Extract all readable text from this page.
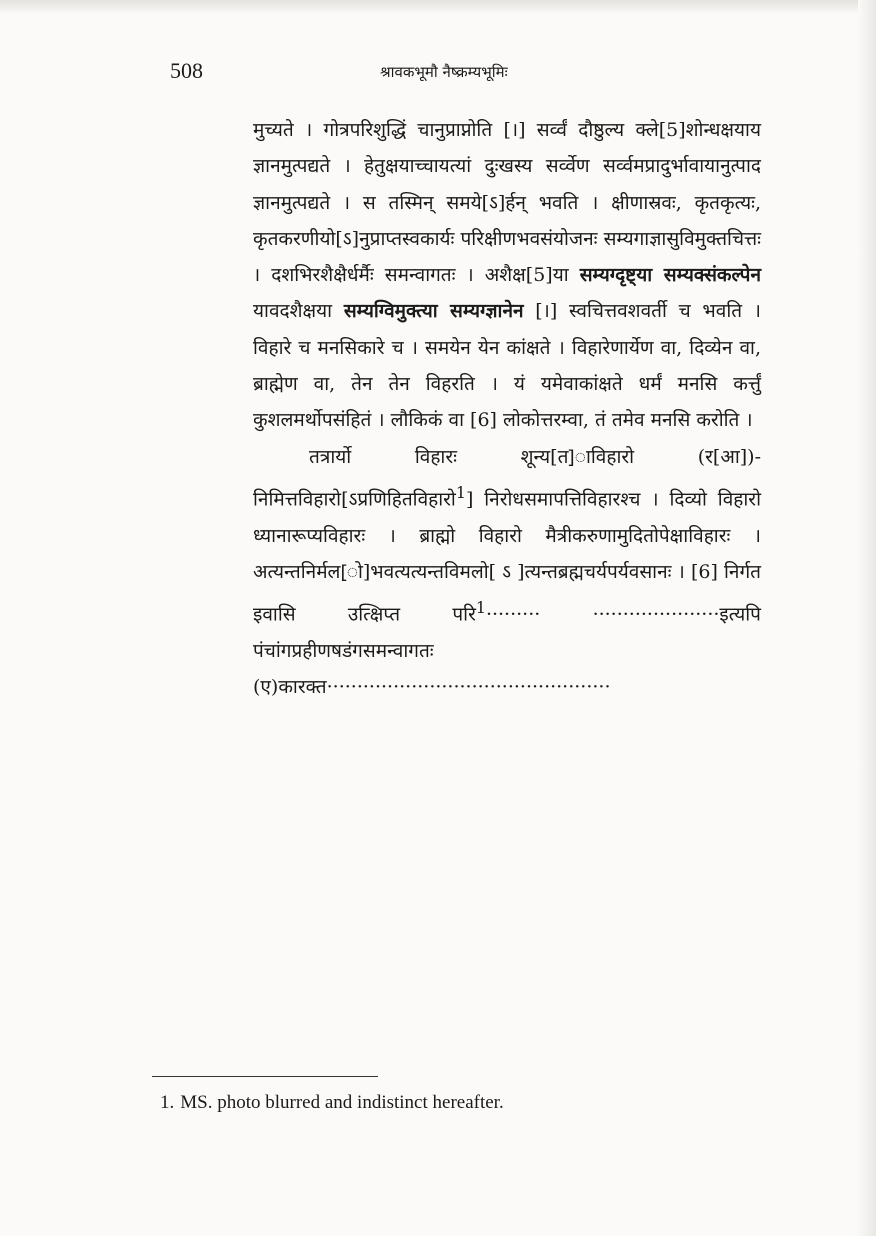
508	श्रावकभूमौ नैष्क्रम्यभूमिः

मुच्यते । गोत्रपरिशुद्धिं चानुप्राप्नोति [।] सर्व्वं दौष्ठुल्य क्ले[5]शोन्धक्षयाय ज्ञानमुत्पद्यते । हेतुक्षयाच्चायत्यां दुःखस्य सर्व्वेण सर्व्वमप्रादुर्भावायानुत्पाद ज्ञानमुत्पद्यते । स तस्मिन् समये[ऽ]र्हन् भवति । क्षीणास्रवः, कृतकृत्यः, कृतकरणीयो[ऽ]नुप्राप्तस्वकार्यः परिक्षीणभवसंयोजनः सम्यगाज्ञासुविमुक्तचित्तः । दशभिरशैक्षैर्धर्मैः समन्वागतः । अशैक्ष[5]या सम्यग्दृष्ट्या सम्यक्संकल्पेन यावदशैक्षया सम्यग्विमुक्त्या सम्यग्ज्ञानेन [।] स्वचित्तवशवर्ती च भवति । विहारे च मनसिकारे च । समयेन येन कांक्षते । विहारेणार्येण वा, दिव्येन वा, ब्राह्मेण वा, तेन तेन विहरति । यं यमेवाकांक्षते धर्मं मनसि कर्त्तुं कुशलमर्थोपसंहितं । लौकिकं वा [6] लोकोत्तरम्वा, तं तमेव मनसि करोति ।

तत्रार्यो विहारः शून्य[त]ाविहारो (र[आ])-निमित्तविहारो[ऽप्रणिहितविहारो$^1$] निरोधसमापत्तिविहारश्च । दिव्यो विहारो ध्यानारूप्यविहारः । ब्राह्मो विहारो मैत्रीकरुणामुदितोपेक्षाविहारः । अत्यन्तनिर्मल[ो]भवत्यत्यन्तविमलो[ ऽ ]त्यन्तब्रह्मचर्यपर्यवसानः । [6] निर्गत इवासि उत्क्षिप्त परि$^1$·········	·····················इत्यपि पंचांगप्रहीणषडंगसमन्वागतः (ए)कारक्त···············································

1. MS. photo blurred and indistinct hereafter.
